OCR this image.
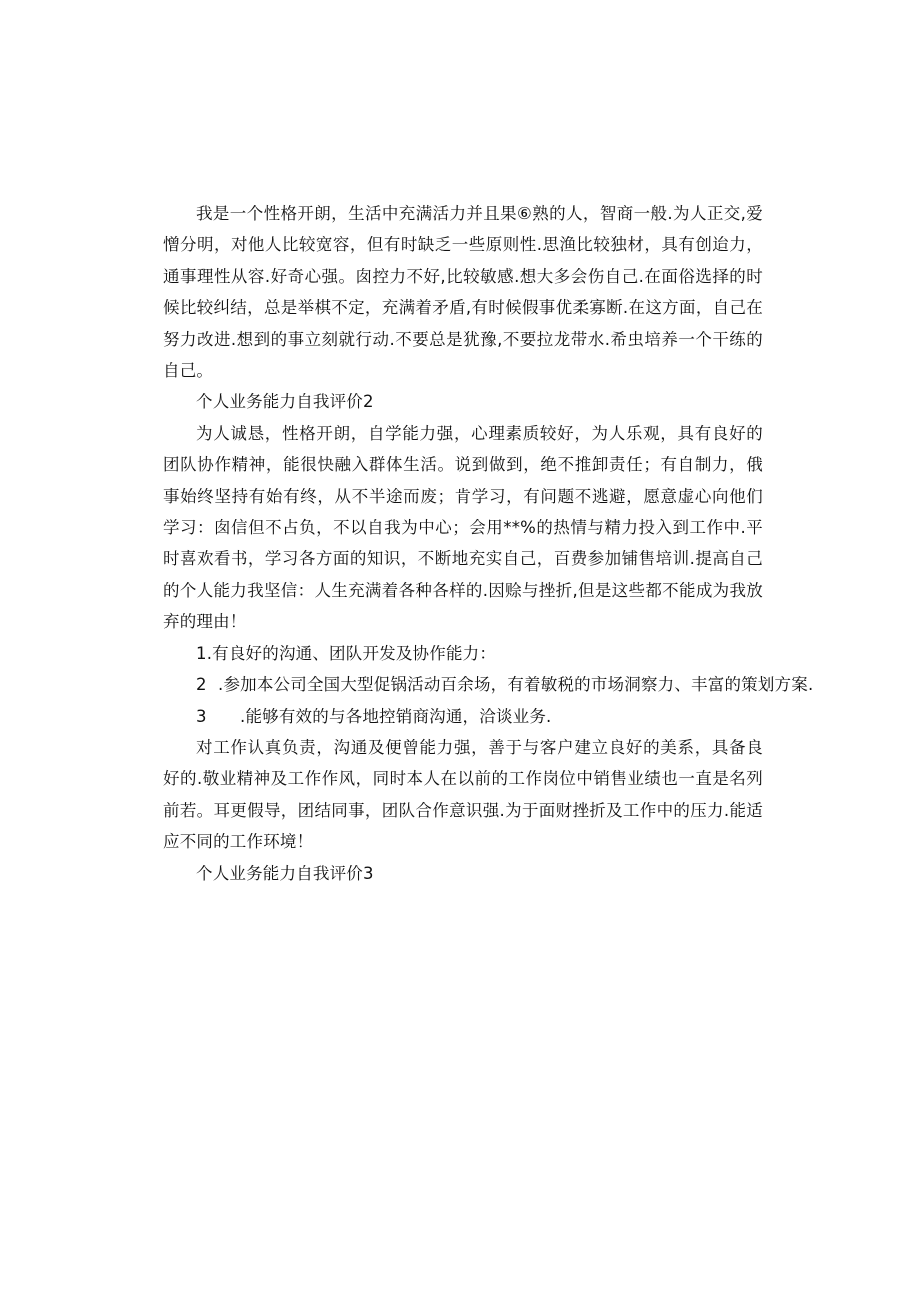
我是一个性格开朗，生活中充满活力并且果⑥熟的人，智商一般.为人正交,爱憎分明，对他人比较宽容，但有时缺乏一些原则性.思渔比较独材，具有创迨力，通事理性从容.好奇心强。囱控力不好,比较敏感.想大多会伤自己.在面俗选择的时候比较纠结，总是举棋不定，充满着矛盾,有时候假事优柔寡断.在这方面，自己在努力改进.想到的事立刻就行动.不要总是犹豫,不要拉龙带水.希虫培养一个干练的自己。

个人业务能力自我评价2

为人诚恳，性格开朗，自学能力强，心理素质较好，为人乐观，具有良好的团队协作精神，能很快融入群体生活。说到做到，绝不推卸责任；有自制力，俄事始终坚持有始有终，从不半途而废；肯学习，有问题不逃避，愿意虚心向他们学习：囱信但不占负，不以自我为中心；会用**%的热情与精力投入到工作中.平时喜欢看书，学习各方面的知识，不断地充实自己，百费参加铺售培训.提高自己的个人能力我坚信：人生充满着各种各样的.因赊与挫折,但是这些都不能成为我放弃的理由！

1.有良好的沟通、团队开发及协作能力：

2 .参加本公司全国大型促锅活动百余场，有着敏税的市场洞察力、丰富的策划方案.

3 .能够有效的与各地控销商沟通，洽谈业务.

对工作认真负责，沟通及便曾能力强，善于与客户建立良好的美系，具备良好的.敬业精神及工作作风，同时本人在以前的工作岗位中销售业绩也一直是名列前若。耳更假导，团结同事，团队合作意识强.为于面财挫折及工作中的压力.能适应不同的工作环境！

个人业务能力自我评价3
